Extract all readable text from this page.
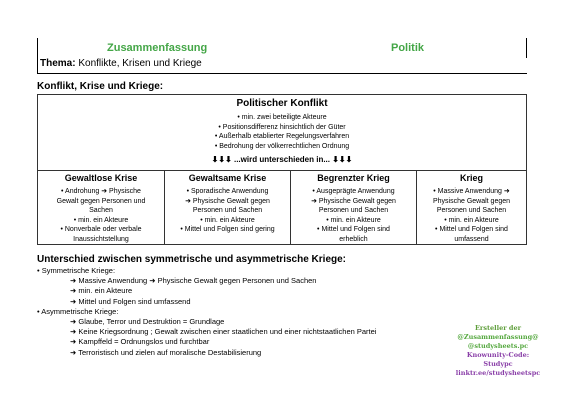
Zusammenfassung	Politik
Thema: Konflikte, Krisen und Kriege
Konflikt, Krise und Kriege:
Politischer Konflikt
• min. zwei beteiligte Akteure
• Positionsdifferenz hinsichtlich der Güter
• Außerhalb etablierter Regelungsverfahren
• Bedrohung der völkerrechtlichen Ordnung
⬇⬇⬇ ...wird unterschieden in... ⬇⬇⬇
Gewaltlose Krise
• Androhung ➜ Physische
Gewalt gegen Personen und
Sachen
• min. ein Akteure
• Nonverbale oder verbale
Inaussichtstellung
Gewaltsame Krise
• Sporadische Anwendung
➜ Physische Gewalt gegen
Personen und Sachen
• min. ein Akteure
• Mittel und Folgen sind gering
Begrenzter Krieg
• Ausgeprägte Anwendung
➜ Physische Gewalt gegen
Personen und Sachen
• min. ein Akteure
• Mittel und Folgen sind
erheblich
Krieg
• Massive Anwendung ➜
Physische Gewalt gegen
Personen und Sachen
• min. ein Akteure
• Mittel und Folgen sind
umfassend
Unterschied zwischen symmetrische und asymmetrische Kriege:
• Symmetrische Kriege:
➜ Massive Anwendung ➜ Physische Gewalt gegen Personen und Sachen
➜ min. ein Akteure
➜ Mittel und Folgen sind umfassend
• Asymmetrische Kriege:
➜ Glaube, Terror und Destruktion = Grundlage
➜ Keine Kriegsordnung ; Gewalt zwischen einer staatlichen und einer nichtstaatlichen Partei
➜ Kampffeld = Ordnungslos und furchtbar
➜ Terroristisch und zielen auf moralische Destabilisierung
Ersteller der
@Zusammenfassung@
@studysheets.pc
Knowunity-Code:
Studypc
linktr.ee/studysheetspc
